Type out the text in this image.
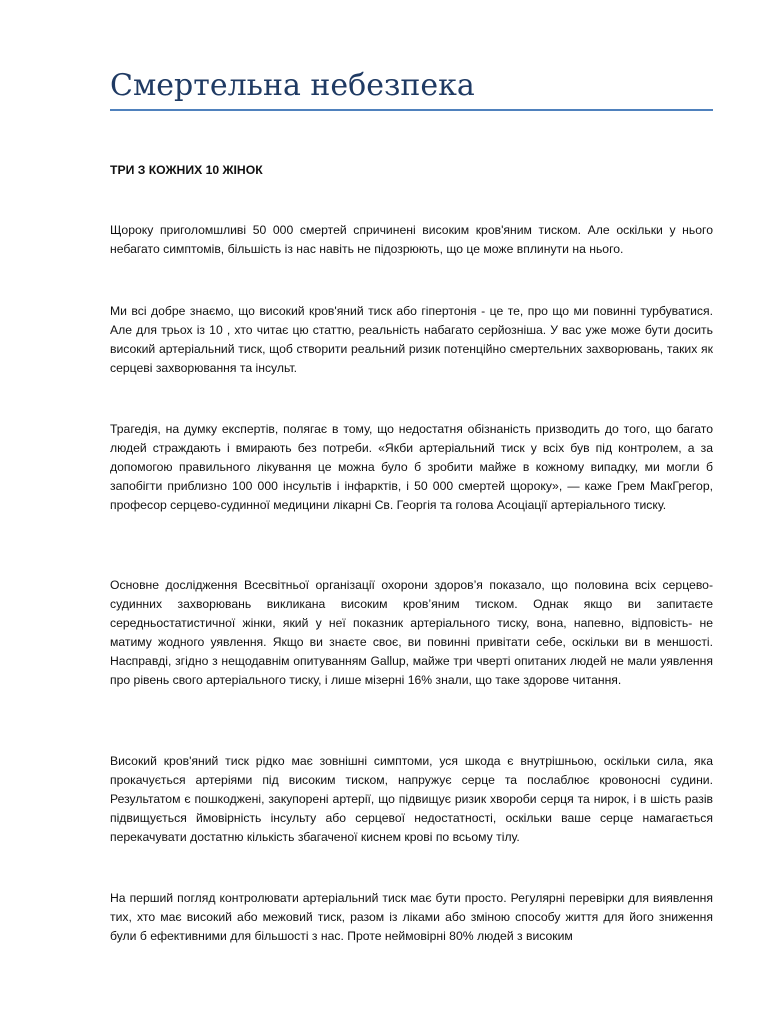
Смертельна небезпека

ТРИ З КОЖНИХ 10 ЖІНОК

Щороку приголомшливі 50 000 смертей спричинені високим кров'яним тиском. Але оскільки у нього небагато симптомів, більшість із нас навіть не підозрюють, що це може вплинути на нього.

Ми всі добре знаємо, що високий кров'яний тиск або гіпертонія - це те, про що ми повинні турбуватися. Але для трьох із 10 , хто читає цю статтю, реальність набагато серйозніша. У вас уже може бути досить високий артеріальний тиск, щоб створити реальний ризик потенційно смертельних захворювань, таких як серцеві захворювання та інсульт.

Трагедія, на думку експертів, полягає в тому, що недостатня обізнаність призводить до того, що багато людей страждають і вмирають без потреби. «Якби артеріальний тиск у всіх був під контролем, а за допомогою правильного лікування це можна було б зробити майже в кожному випадку, ми могли б запобігти приблизно 100 000 інсультів і інфарктів, і 50 000 смертей щороку», — каже Грем МакГрегор, професор серцево-судинної медицини лікарні Св. Георгія та голова Асоціації артеріального тиску.

Основне дослідження Всесвітньої організації охорони здоров’я показало, що половина всіх серцево-судинних захворювань викликана високим кров’яним тиском. Однак якщо ви запитаєте середньостатистичної жінки, який у неї показник артеріального тиску, вона, напевно, відповість- не матиму жодного уявлення. Якщо ви знаєте своє, ви повинні привітати себе, оскільки ви в меншості. Насправді, згідно з нещодавнім опитуванням Gallup, майже три чверті опитаних людей не мали уявлення про рівень свого артеріального тиску, і лише мізерні 16% знали, що таке здорове читання.

Високий кров'яний тиск рідко має зовнішні симптоми, уся шкода є внутрішньою, оскільки сила, яка прокачується артеріями під високим тиском, напружує серце та послаблює кровоносні судини. Результатом є пошкоджені, закупорені артерії, що підвищує ризик хвороби серця та нирок, і в шість разів підвищується ймовірність інсульту або серцевої недостатності, оскільки ваше серце намагається перекачувати достатню кількість збагаченої киснем крові по всьому тілу.

На перший погляд контролювати артеріальний тиск має бути просто. Регулярні перевірки для виявлення тих, хто має високий або межовий тиск, разом із ліками або зміною способу життя для його зниження були б ефективними для більшості з нас. Проте неймовірні 80% людей з високим
